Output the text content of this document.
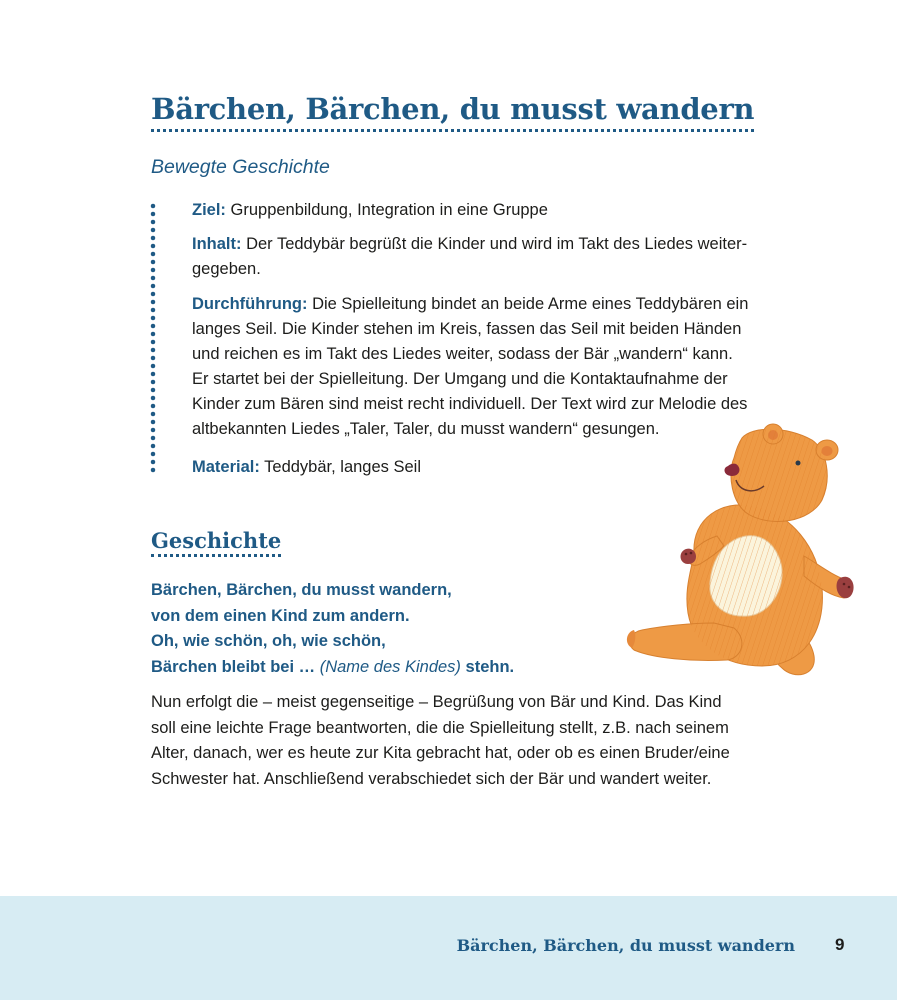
Bärchen, Bärchen, du musst wandern
Bewegte Geschichte
Ziel: Gruppenbildung, Integration in eine Gruppe
Inhalt: Der Teddybär begrüßt die Kinder und wird im Takt des Liedes weiter-
gegeben.
Durchführung: Die Spielleitung bindet an beide Arme eines Teddybären ein
langes Seil. Die Kinder stehen im Kreis, fassen das Seil mit beiden Händen
und reichen es im Takt des Liedes weiter, sodass der Bär „wandern“ kann.
Er startet bei der Spielleitung. Der Umgang und die Kontaktaufnahme der
Kinder zum Bären sind meist recht individuell. Der Text wird zur Melodie des
altbekannten Liedes „Taler, Taler, du musst wandern“ gesungen.
Material: Teddybär, langes Seil
Geschichte
Bärchen, Bärchen, du musst wandern,
von dem einen Kind zum andern.
Oh, wie schön, oh, wie schön,
Bärchen bleibt bei … (Name des Kindes) stehn.
Nun erfolgt die – meist gegenseitige – Begrüßung von Bär und Kind. Das Kind
soll eine leichte Frage beantworten, die die Spielleitung stellt, z.B. nach seinem
Alter, danach, wer es heute zur Kita gebracht hat, oder ob es einen Bruder/eine
Schwester hat. Anschließend verabschiedet sich der Bär und wandert weiter.
Bärchen, Bärchen, du musst wandern 9
